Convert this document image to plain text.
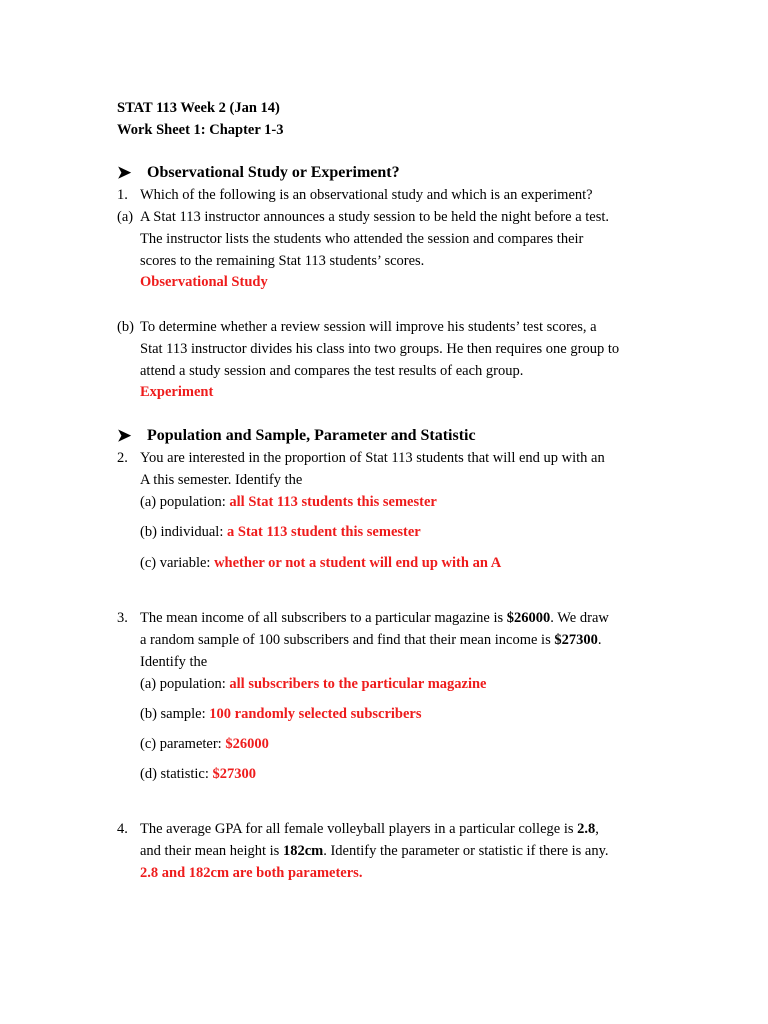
STAT 113 Week 2 (Jan 14)
Work Sheet 1: Chapter 1-3
➤ Observational Study or Experiment?
1. Which of the following is an observational study and which is an experiment?
(a) A Stat 113 instructor announces a study session to be held the night before a test.
The instructor lists the students who attended the session and compares their
scores to the remaining Stat 113 students’ scores.
Observational Study
(b) To determine whether a review session will improve his students’ test scores, a
Stat 113 instructor divides his class into two groups. He then requires one group to
attend a study session and compares the test results of each group.
Experiment
➤ Population and Sample, Parameter and Statistic
2. You are interested in the proportion of Stat 113 students that will end up with an
A this semester. Identify the
(a) population: all Stat 113 students this semester
(b) individual: a Stat 113 student this semester
(c) variable: whether or not a student will end up with an A
3. The mean income of all subscribers to a particular magazine is $26000. We draw
a random sample of 100 subscribers and find that their mean income is $27300.
Identify the
(a) population: all subscribers to the particular magazine
(b) sample: 100 randomly selected subscribers
(c) parameter: $26000
(d) statistic: $27300
4. The average GPA for all female volleyball players in a particular college is 2.8,
and their mean height is 182cm. Identify the parameter or statistic if there is any.
2.8 and 182cm are both parameters.
